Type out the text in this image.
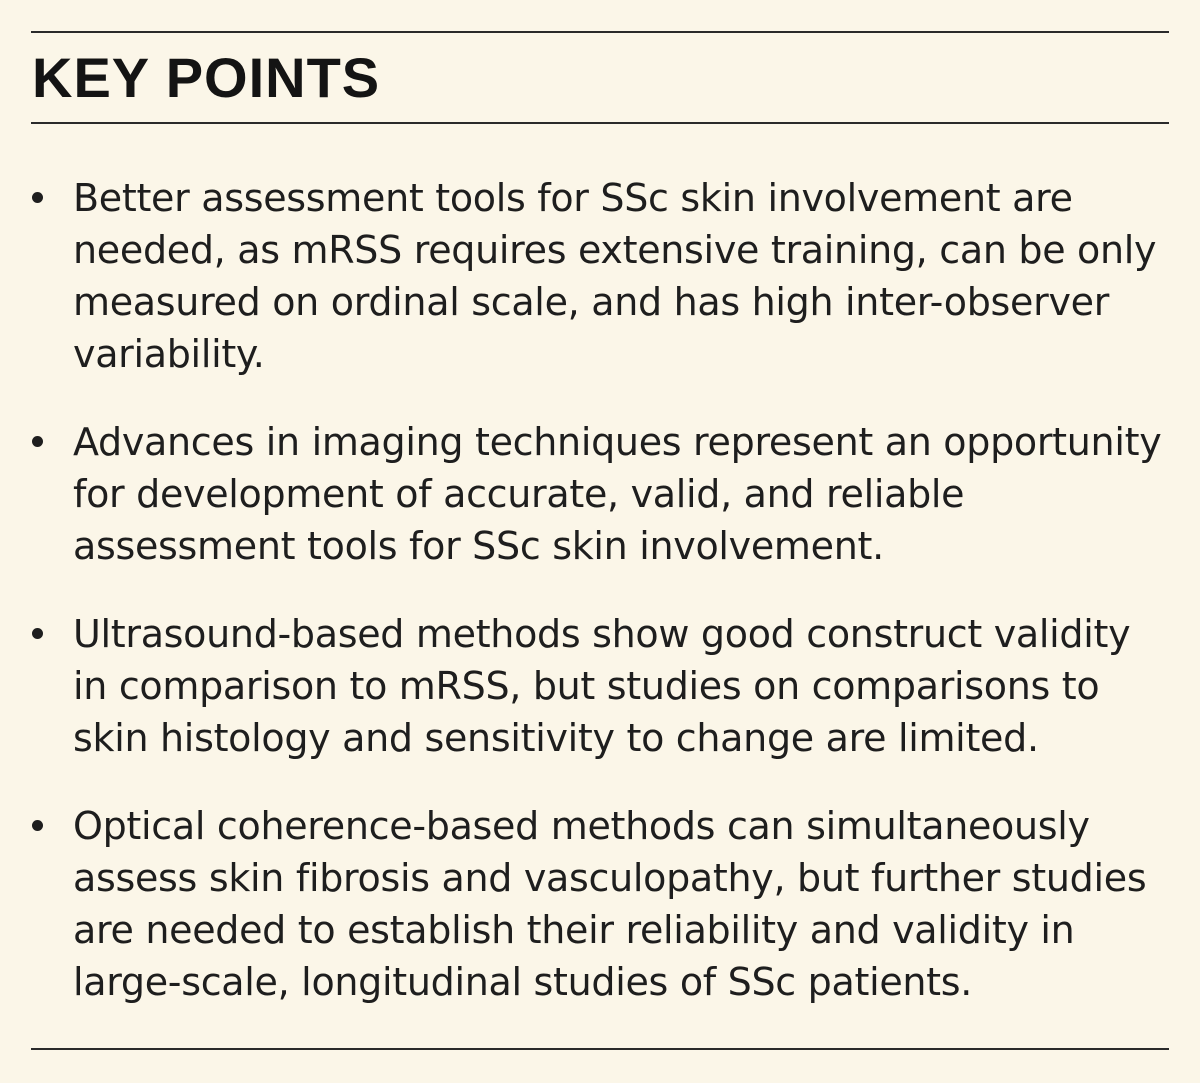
KEY POINTS
Better assessment tools for SSc skin involvement are needed, as mRSS requires extensive training, can be only measured on ordinal scale, and has high inter-observer variability.
Advances in imaging techniques represent an opportunity for development of accurate, valid, and reliable assessment tools for SSc skin involvement.
Ultrasound-based methods show good construct validity in comparison to mRSS, but studies on comparisons to skin histology and sensitivity to change are limited.
Optical coherence-based methods can simultaneously assess skin fibrosis and vasculopathy, but further studies are needed to establish their reliability and validity in large-scale, longitudinal studies of SSc patients.
